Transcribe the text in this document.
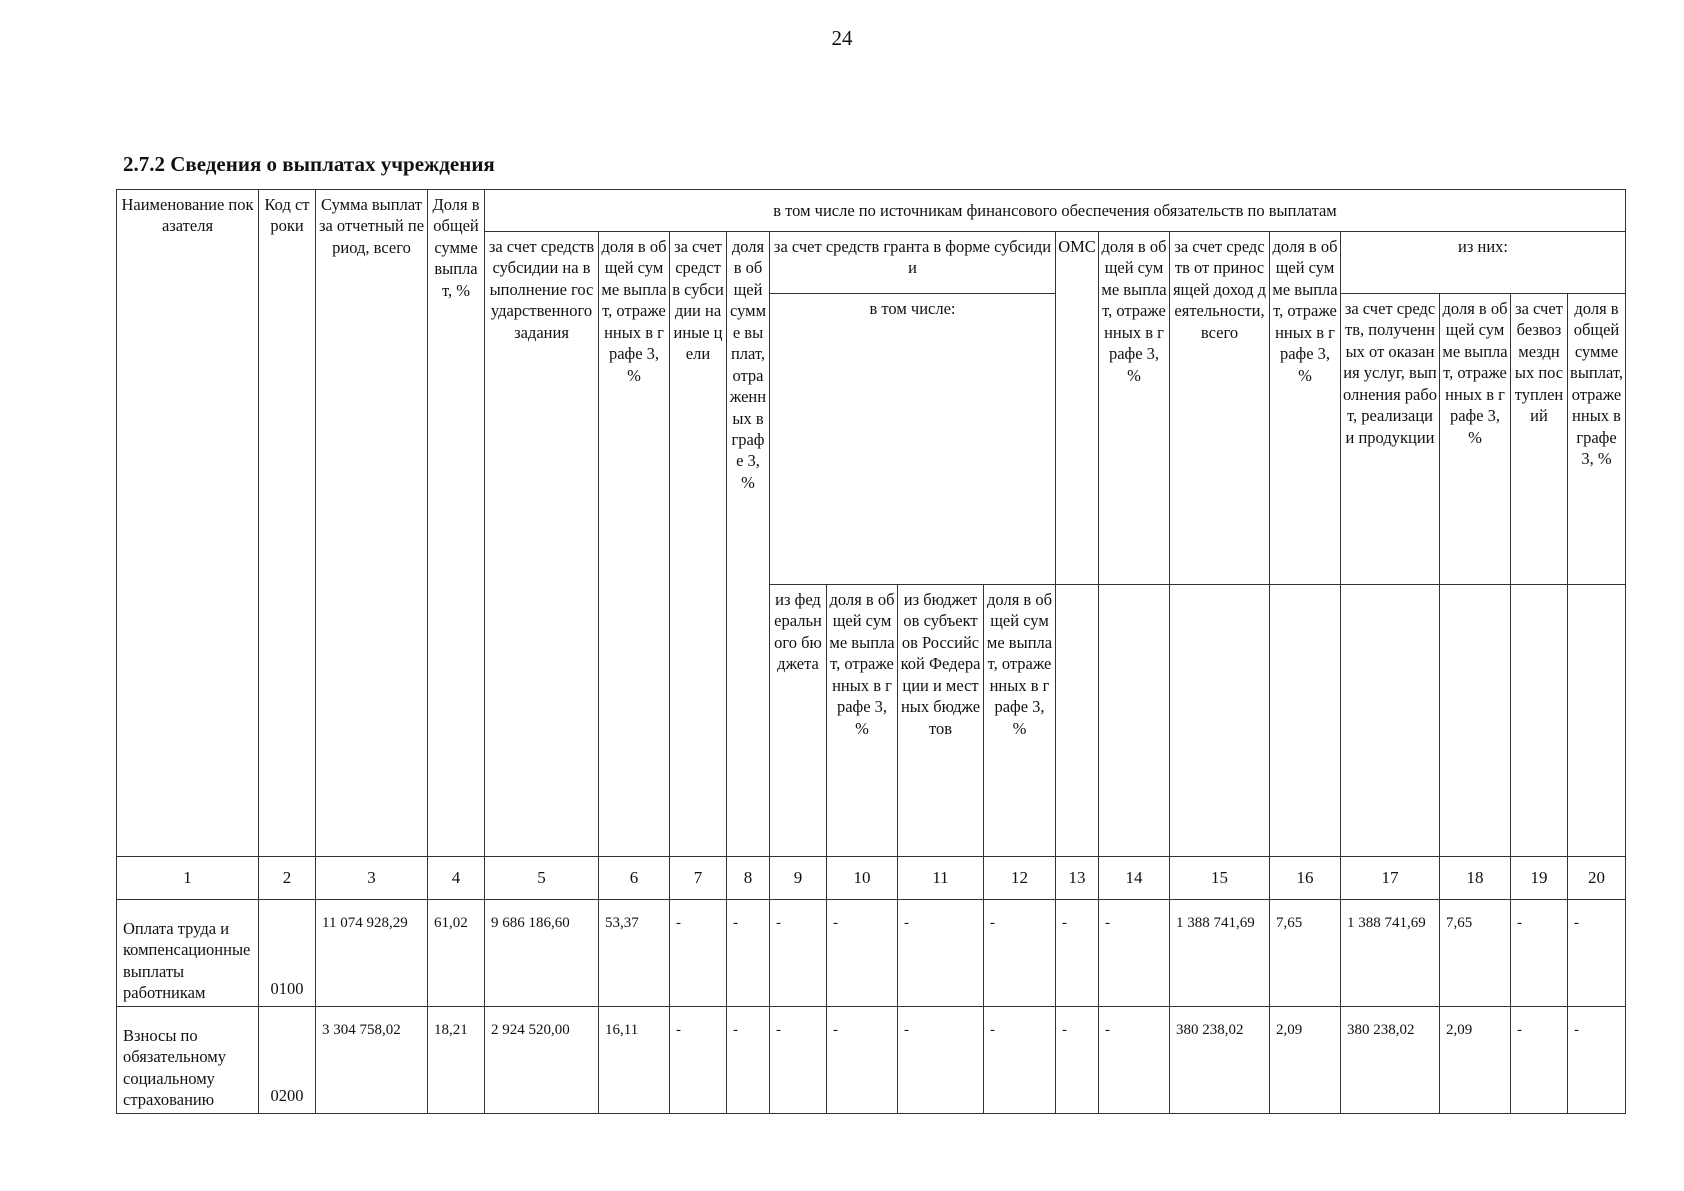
24
2.7.2 Сведения о выплатах учреждения
Наименование показателя	Код строки	Сумма выплат за отчетный период, всего	Доля в общей сумме выплат, %	в том числе по источникам финансового обеспечения обязательств по выплатам															
				за счет средств субсидии на выполнение государственного задания	доля в общей сумме выплат, отраженных в графе 3, %	за счет средств субсидии на иные цели	доля в общей сумме выплат, отраженных в графе 3, %	за счет средств гранта в форме субсидии				ОМС	доля в общей сумме выплат, отраженных в графе 3, %	за счет средств от приносящей доход деятельности, всего	доля в общей сумме выплат, отраженных в графе 3, %	из них:			
								в том числе:								за счет средств, полученных от оказания услуг, выполнения работ, реализации продукции	доля в общей сумме выплат, отраженных в графе 3, %	за счет безвозмездных поступлений	доля в общей сумме выплат, отраженных в графе 3, %
								из федерального бюджета	доля в общей сумме выплат, отраженных в графе 3, %	из бюджетов субъектов Российской Федерации и местных бюджетов	доля в общей сумме выплат, отраженных в графе 3, %								
1	2	3	4	5	6	7	8	9	10	11	12	13	14	15	16	17	18	19	20
Оплата труда и компенсационные выплаты работникам	0100	11 074 928,29	61,02	9 686 186,60	53,37	-	-	-	-	-	-	-	-	1 388 741,69	7,65	1 388 741,69	7,65	-	-
Взносы по обязательному социальному страхованию	0200	3 304 758,02	18,21	2 924 520,00	16,11	-	-	-	-	-	-	-	-	380 238,02	2,09	380 238,02	2,09	-	-
